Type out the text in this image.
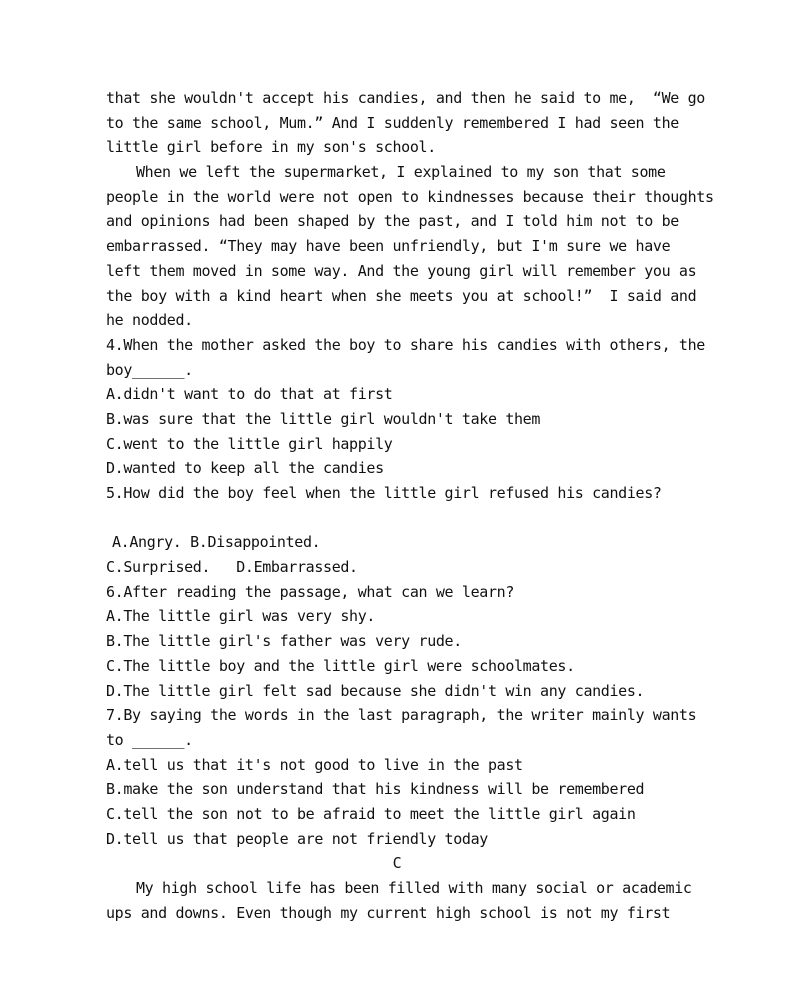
that she wouldn't accept his candies, and then he said to me,  “We go
to the same school, Mum.” And I suddenly remembered I had seen the
little girl before in my son's school.
When we left the supermarket, I explained to my son that some
people in the world were not open to kindnesses because their thoughts
and opinions had been shaped by the past, and I told him not to be
embarrassed. “They may have been unfriendly, but I'm sure we have
left them moved in some way. And the young girl will remember you as
the boy with a kind heart when she meets you at school!”  I said and
he nodded.
4.When the mother asked the boy to share his candies with others, the
boy______.
A.didn't want to do that at first
B.was sure that the little girl wouldn't take them
C.went to the little girl happily
D.wanted to keep all the candies
5.How did the boy feel when the little girl refused his candies?
A.Angry. B.Disappointed.
C.Surprised.   D.Embarrassed.
6.After reading the passage, what can we learn?
A.The little girl was very shy.
B.The little girl's father was very rude.
C.The little boy and the little girl were schoolmates.
D.The little girl felt sad because she didn't win any candies.
7.By saying the words in the last paragraph, the writer mainly wants
to ______.
A.tell us that it's not good to live in the past
B.make the son understand that his kindness will be remembered
C.tell the son not to be afraid to meet the little girl again
D.tell us that people are not friendly today
C
My high school life has been filled with many social or academic
ups and downs. Even though my current high school is not my first
